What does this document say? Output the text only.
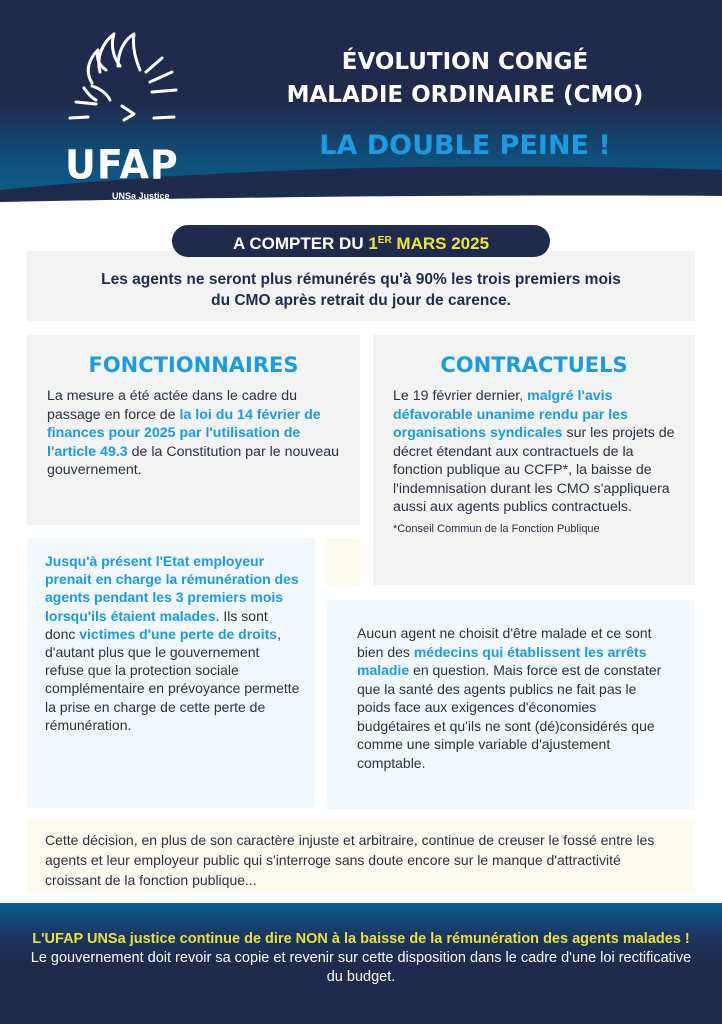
UFAP
UNSa Justice
ÉVOLUTION CONGÉ
MALADIE ORDINAIRE (CMO)
LA DOUBLE PEINE !
A COMPTER DU 1ER MARS 2025
Les agents ne seront plus rémunérés qu'à 90% les trois premiers mois
du CMO après retrait du jour de carence.
FONCTIONNAIRES
La mesure a été actée dans le cadre du passage en force de la loi du 14 février de finances pour 2025 par l'utilisation de l'article 49.3 de la Constitution par le nouveau gouvernement.
CONTRACTUELS
Le 19 février dernier, malgré l'avis défavorable unanime rendu par les organisations syndicales sur les projets de décret étendant aux contractuels de la fonction publique au CCFP*, la baisse de l'indemnisation durant les CMO s'appliquera aussi aux agents publics contractuels.
*Conseil Commun de la Fonction Publique
Jusqu'à présent l'Etat employeur prenait en charge la rémunération des agents pendant les 3 premiers mois lorsqu'ils étaient malades. Ils sont donc victimes d'une perte de droits, d'autant plus que le gouvernement refuse que la protection sociale complémentaire en prévoyance permette la prise en charge de cette perte de rémunération.
Aucun agent ne choisit d'être malade et ce sont bien des médecins qui établissent les arrêts maladie en question. Mais force est de constater que la santé des agents publics ne fait pas le poids face aux exigences d'économies budgétaires et qu'ils ne sont (dé)considérés que comme une simple variable d'ajustement comptable.
Cette décision, en plus de son caractère injuste et arbitraire, continue de creuser le fossé entre les agents et leur employeur public qui s'interroge sans doute encore sur le manque d'attractivité croissant de la fonction publique...
L'UFAP UNSa justice continue de dire NON à la baisse de la rémunération des agents malades ! Le gouvernement doit revoir sa copie et revenir sur cette disposition dans le cadre d'une loi rectificative du budget.
